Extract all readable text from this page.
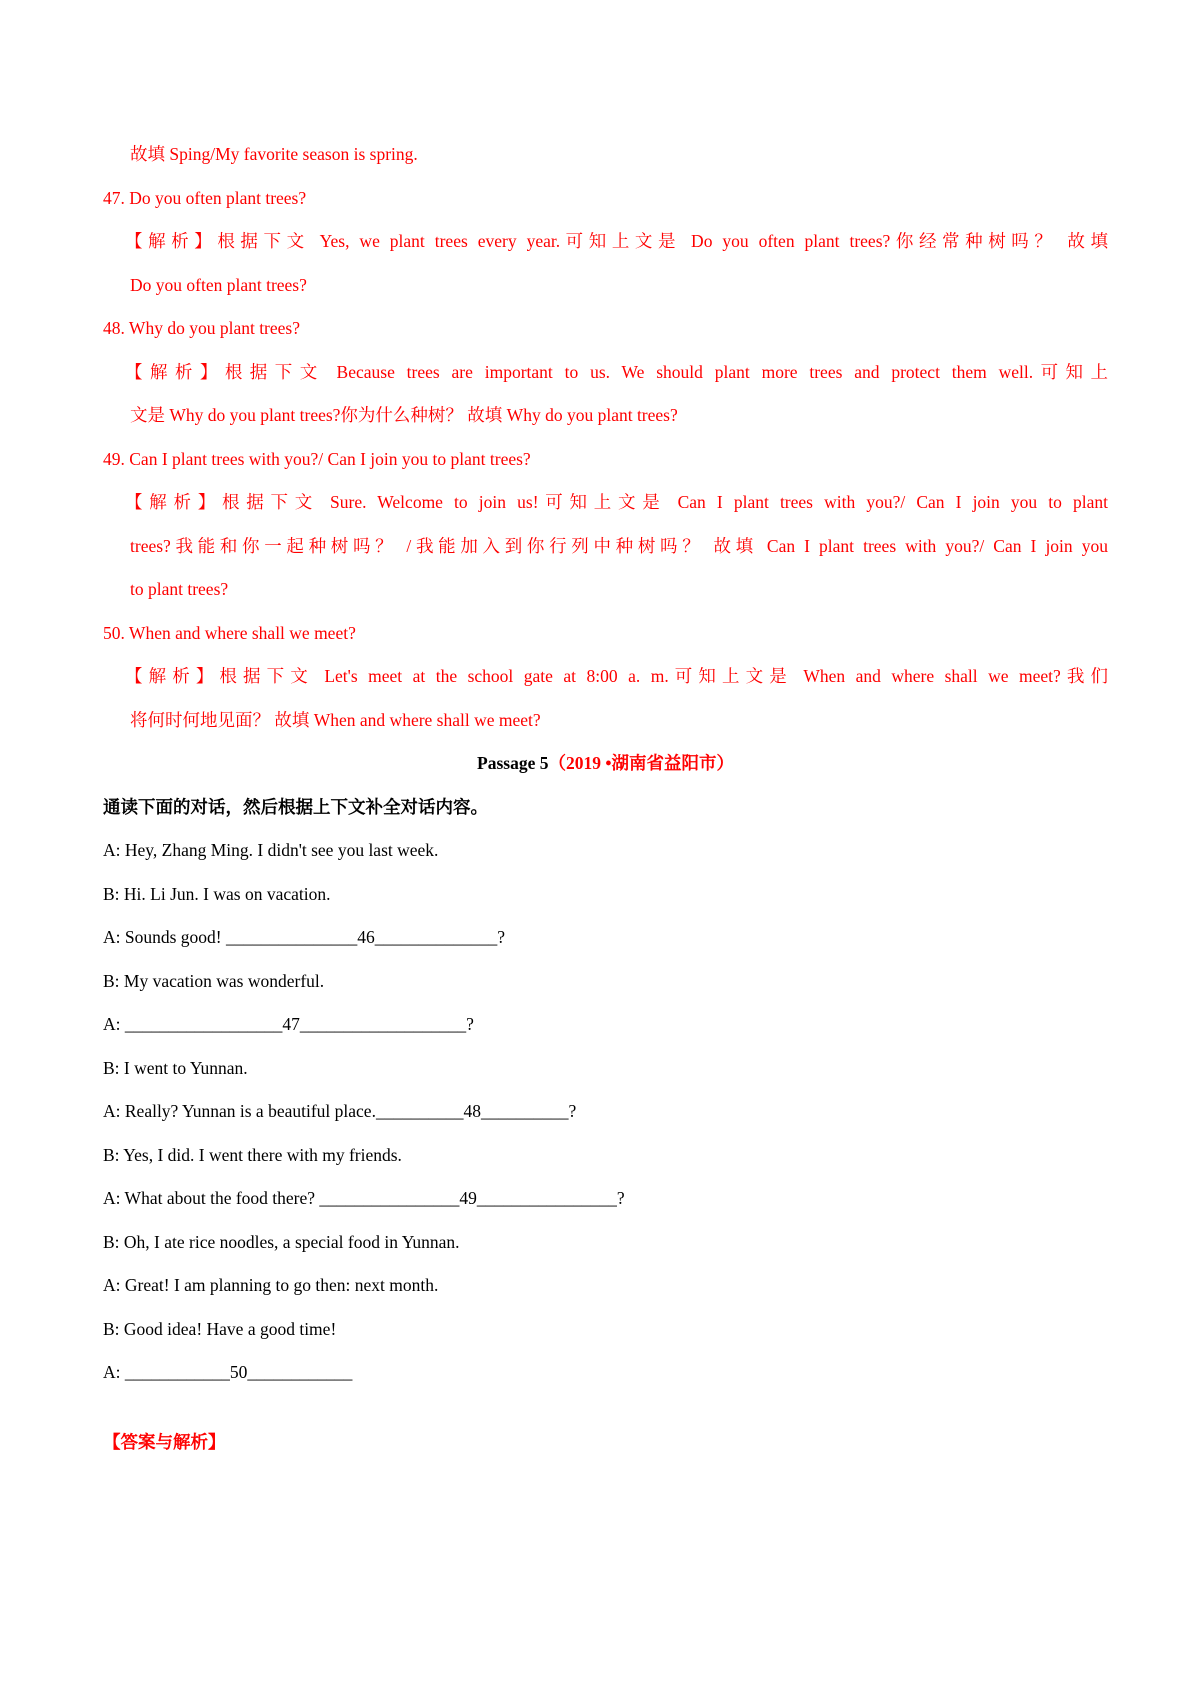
故填 Sping/My favorite season is spring.
47. Do you often plant trees?
【解析】根据下文 Yes, we plant trees every year.可知上文是 Do you often plant trees?你经常种树吗？ 故填
Do you often plant trees?
48. Why do you plant trees?
【解析】根据下文 Because trees are important to us. We should plant more trees and protect them well.可知上
文是 Why do you plant trees?你为什么种树？ 故填 Why do you plant trees?
49. Can I plant trees with you?/ Can I join you to plant trees?
【解析】根据下文 Sure. Welcome to join us!可知上文是 Can I plant trees with you?/ Can I join you to plant
trees?我能和你一起种树吗？ /我能加入到你行列中种树吗？ 故填 Can I plant trees with you?/ Can I join you
to plant trees?
50. When and where shall we meet?
【解析】根据下文 Let's meet at the school gate at 8:00 a. m.可知上文是 When and where shall we meet?我们
将何时何地见面？ 故填 When and where shall we meet?
Passage 5（2019 •湖南省益阳市）
通读下面的对话，然后根据上下文补全对话内容。
A: Hey, Zhang Ming. I didn't see you last week.
B: Hi. Li Jun. I was on vacation.
A: Sounds good! _______________46______________?
B: My vacation was wonderful.
A: __________________47___________________?
B: I went to Yunnan.
A: Really? Yunnan is a beautiful place.__________48__________?
B: Yes, I did. I went there with my friends.
A: What about the food there? ________________49________________?
B: Oh, I ate rice noodles, a special food in Yunnan.
A: Great! I am planning to go then: next month.
B: Good idea! Have a good time!
A: ____________50____________
【答案与解析】
